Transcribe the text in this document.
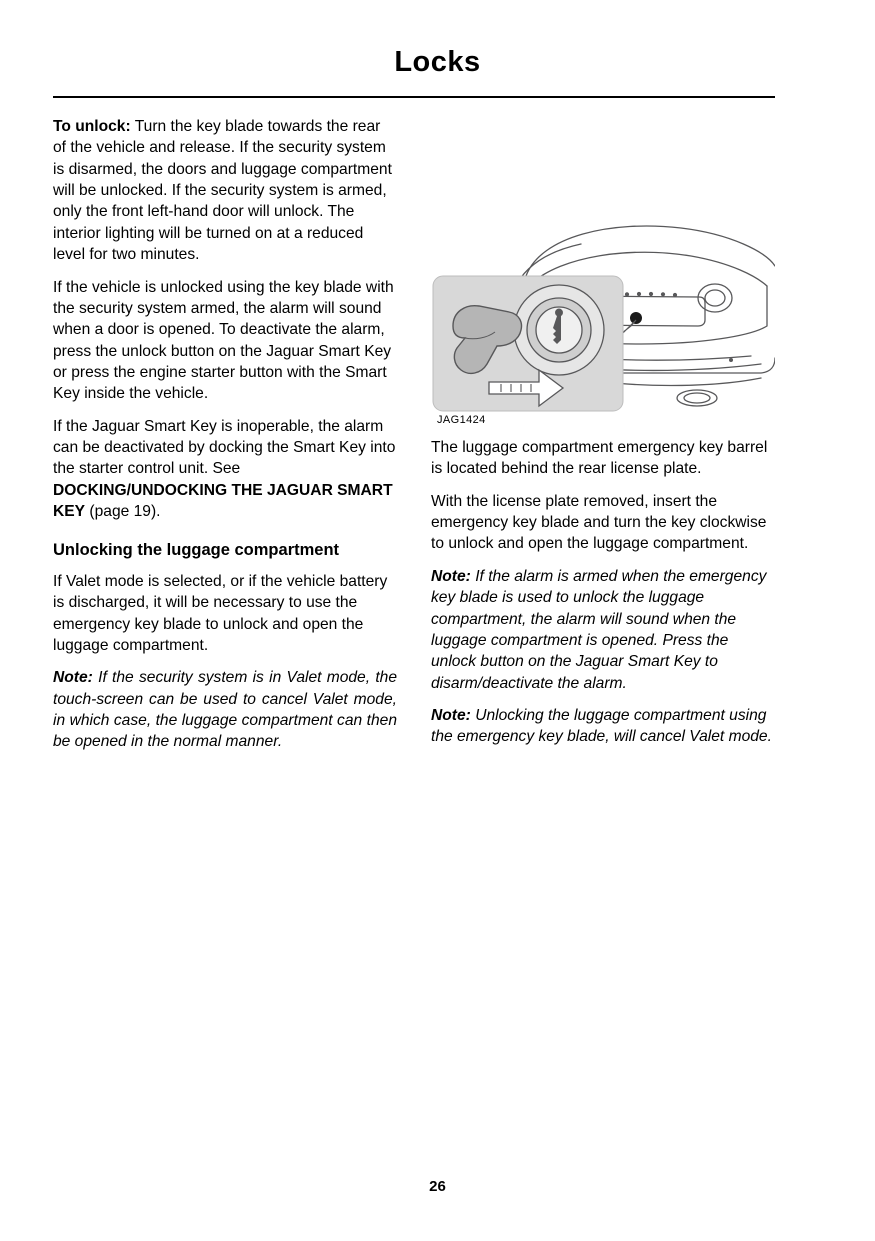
Locks

To unlock: Turn the key blade towards the rear of the vehicle and release. If the security system is disarmed, the doors and luggage compartment will be unlocked. If the security system is armed, only the front left-hand door will unlock. The interior lighting will be turned on at a reduced level for two minutes.

If the vehicle is unlocked using the key blade with the security system armed, the alarm will sound when a door is opened. To deactivate the alarm, press the unlock button on the Jaguar Smart Key or press the engine starter button with the Smart Key inside the vehicle.

If the Jaguar Smart Key is inoperable, the alarm can be deactivated by docking the Smart Key into the starter control unit. See DOCKING/UNDOCKING THE JAGUAR SMART KEY (page 19).

Unlocking the luggage compartment

If Valet mode is selected, or if the vehicle battery is discharged, it will be necessary to use the emergency key blade to unlock and open the luggage compartment.

Note: If the security system is in Valet mode, the touch-screen can be used to cancel Valet mode, in which case, the luggage compartment can then be opened in the normal manner.

JAG1424

The luggage compartment emergency key barrel is located behind the rear license plate.

With the license plate removed, insert the emergency key blade and turn the key clockwise to unlock and open the luggage compartment.

Note: If the alarm is armed when the emergency key blade is used to unlock the luggage compartment, the alarm will sound when the luggage compartment is opened. Press the unlock button on the Jaguar Smart Key to disarm/deactivate the alarm.

Note: Unlocking the luggage compartment using the emergency key blade, will cancel Valet mode.

26
